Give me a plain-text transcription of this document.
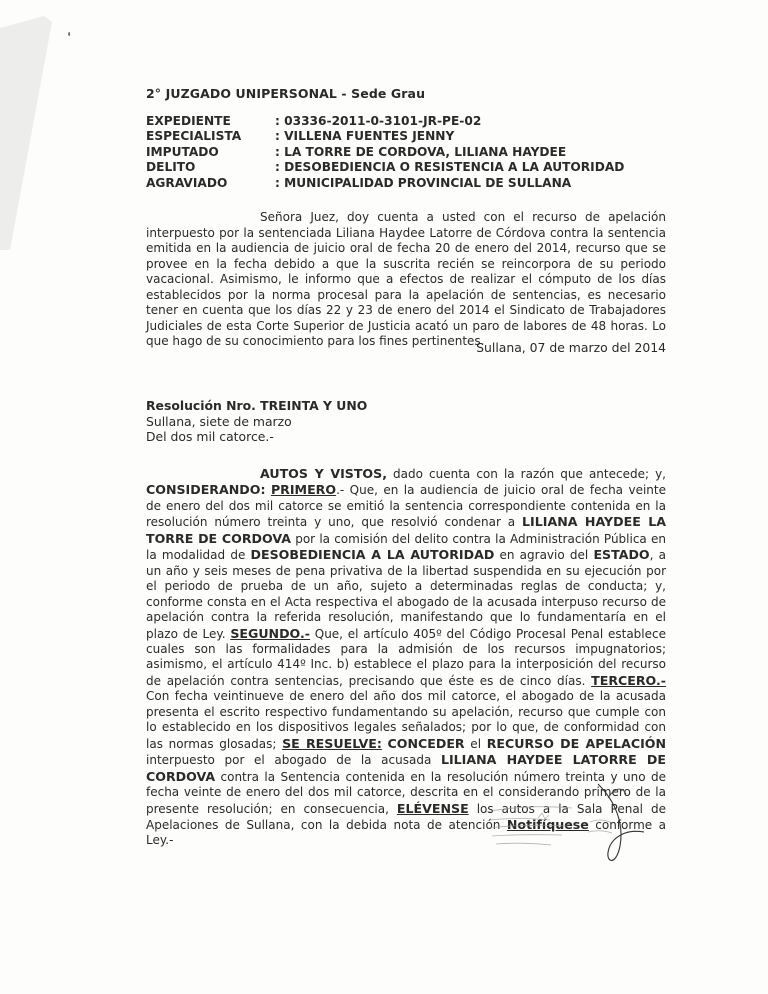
2° JUZGADO UNIPERSONAL - Sede Grau
EXPEDIENTE	: 03336-2011-0-3101-JR-PE-02
ESPECIALISTA	: VILLENA FUENTES JENNY
IMPUTADO	: LA TORRE DE CORDOVA, LILIANA HAYDEE
DELITO	: DESOBEDIENCIA O RESISTENCIA A LA AUTORIDAD
AGRAVIADO	: MUNICIPALIDAD PROVINCIAL DE SULLANA

Señora Juez, doy cuenta a usted con el recurso de apelación interpuesto por la sentenciada Liliana Haydee Latorre de Córdova contra la sentencia emitida en la audiencia de juicio oral de fecha 20 de enero del 2014, recurso que se provee en la fecha debido a que la suscrita recién se reincorpora de su periodo vacacional. Asimismo, le informo que a efectos de realizar el cómputo de los días establecidos por la norma procesal para la apelación de sentencias, es necesario tener en cuenta que los días 22 y 23 de enero del 2014 el Sindicato de Trabajadores Judiciales de esta Corte Superior de Justicia acató un paro de labores de 48 horas. Lo que hago de su conocimiento para los fines pertinentes.

Sullana, 07 de marzo del 2014
Resolución Nro. TREINTA Y UNO
Sullana, siete de marzo
Del dos mil catorce.-

AUTOS Y VISTOS, dado cuenta con la razón que antecede; y, CONSIDERANDO: PRIMERO.- Que, en la audiencia de juicio oral de fecha veinte de enero del dos mil catorce se emitió la sentencia correspondiente contenida en la resolución número treinta y uno, que resolvió condenar a LILIANA HAYDEE LA TORRE DE CORDOVA por la comisión del delito contra la Administración Pública en la modalidad de DESOBEDIENCIA A LA AUTORIDAD en agravio del ESTADO, a un año y seis meses de pena privativa de la libertad suspendida en su ejecución por el periodo de prueba de un año, sujeto a determinadas reglas de conducta; y, conforme consta en el Acta respectiva el abogado de la acusada interpuso recurso de apelación contra la referida resolución, manifestando que lo fundamentaría en el plazo de Ley. SEGUNDO.- Que, el artículo 405º del Código Procesal Penal establece cuales son las formalidades para la admisión de los recursos impugnatorios; asimismo, el artículo 414º Inc. b) establece el plazo para la interposición del recurso de apelación contra sentencias, precisando que éste es de cinco días. TERCERO.- Con fecha veintinueve de enero del año dos mil catorce, el abogado de la acusada presenta el escrito respectivo fundamentando su apelación, recurso que cumple con lo establecido en los dispositivos legales señalados; por lo que, de conformidad con las normas glosadas; SE RESUELVE: CONCEDER el RECURSO DE APELACIÓN interpuesto por el abogado de la acusada LILIANA HAYDEE LATORRE DE CORDOVA contra la Sentencia contenida en la resolución número treinta y uno de fecha veinte de enero del dos mil catorce, descrita en el considerando primero de la presente resolución; en consecuencia, ELÉVENSE los autos a la Sala Penal de Apelaciones de Sullana, con la debida nota de atención Notifíquese conforme a Ley.-
